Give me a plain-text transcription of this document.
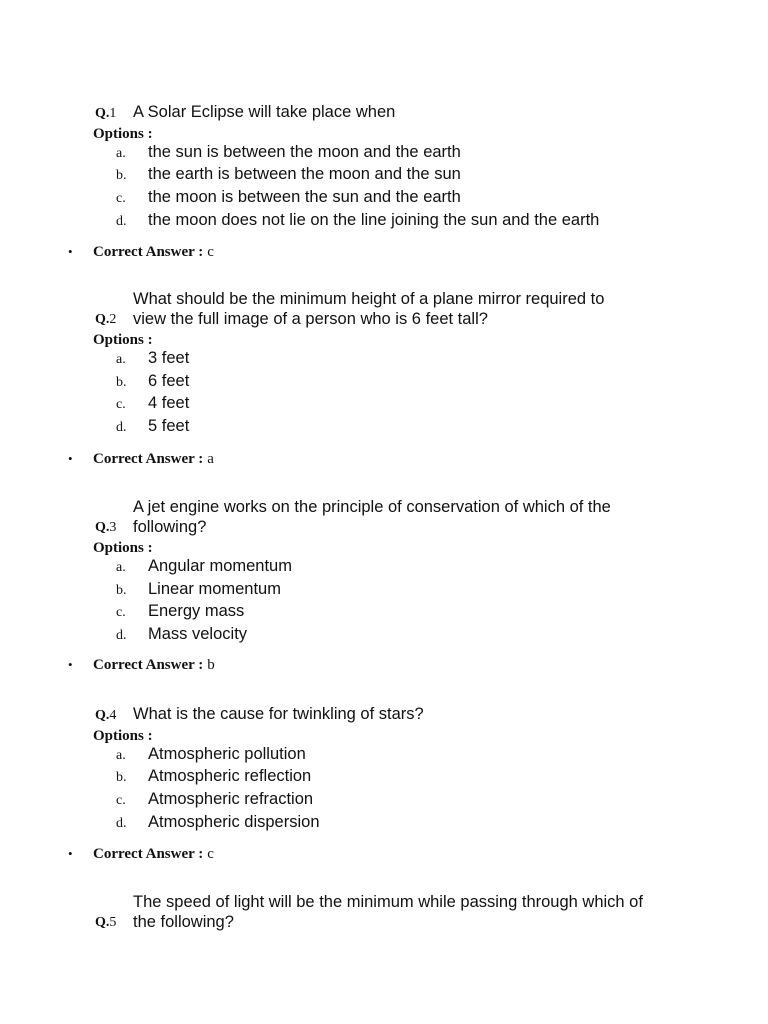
Q.1	A Solar Eclipse will take place when
Options :
a.	the sun is between the moon and the earth
b.	the earth is between the moon and the sun
c.	the moon is between the sun and the earth
d.	the moon does not lie on the line joining the sun and the earth
•	Correct Answer : c
Q.2
What should be the minimum height of a plane mirror required to
view the full image of a person who is 6 feet tall?
Options :
a.	3 feet
b.	6 feet
c.	4 feet
d.	5 feet
•	Correct Answer : a
Q.3
A jet engine works on the principle of conservation of which of the
following?
Options :
a.	Angular momentum
b.	Linear momentum
c.	Energy mass
d.	Mass velocity
•	Correct Answer : b
Q.4	What is the cause for twinkling of stars?
Options :
a.	Atmospheric pollution
b.	Atmospheric reflection
c.	Atmospheric refraction
d.	Atmospheric dispersion
•	Correct Answer : c
Q.5
The speed of light will be the minimum while passing through which of
the following?
